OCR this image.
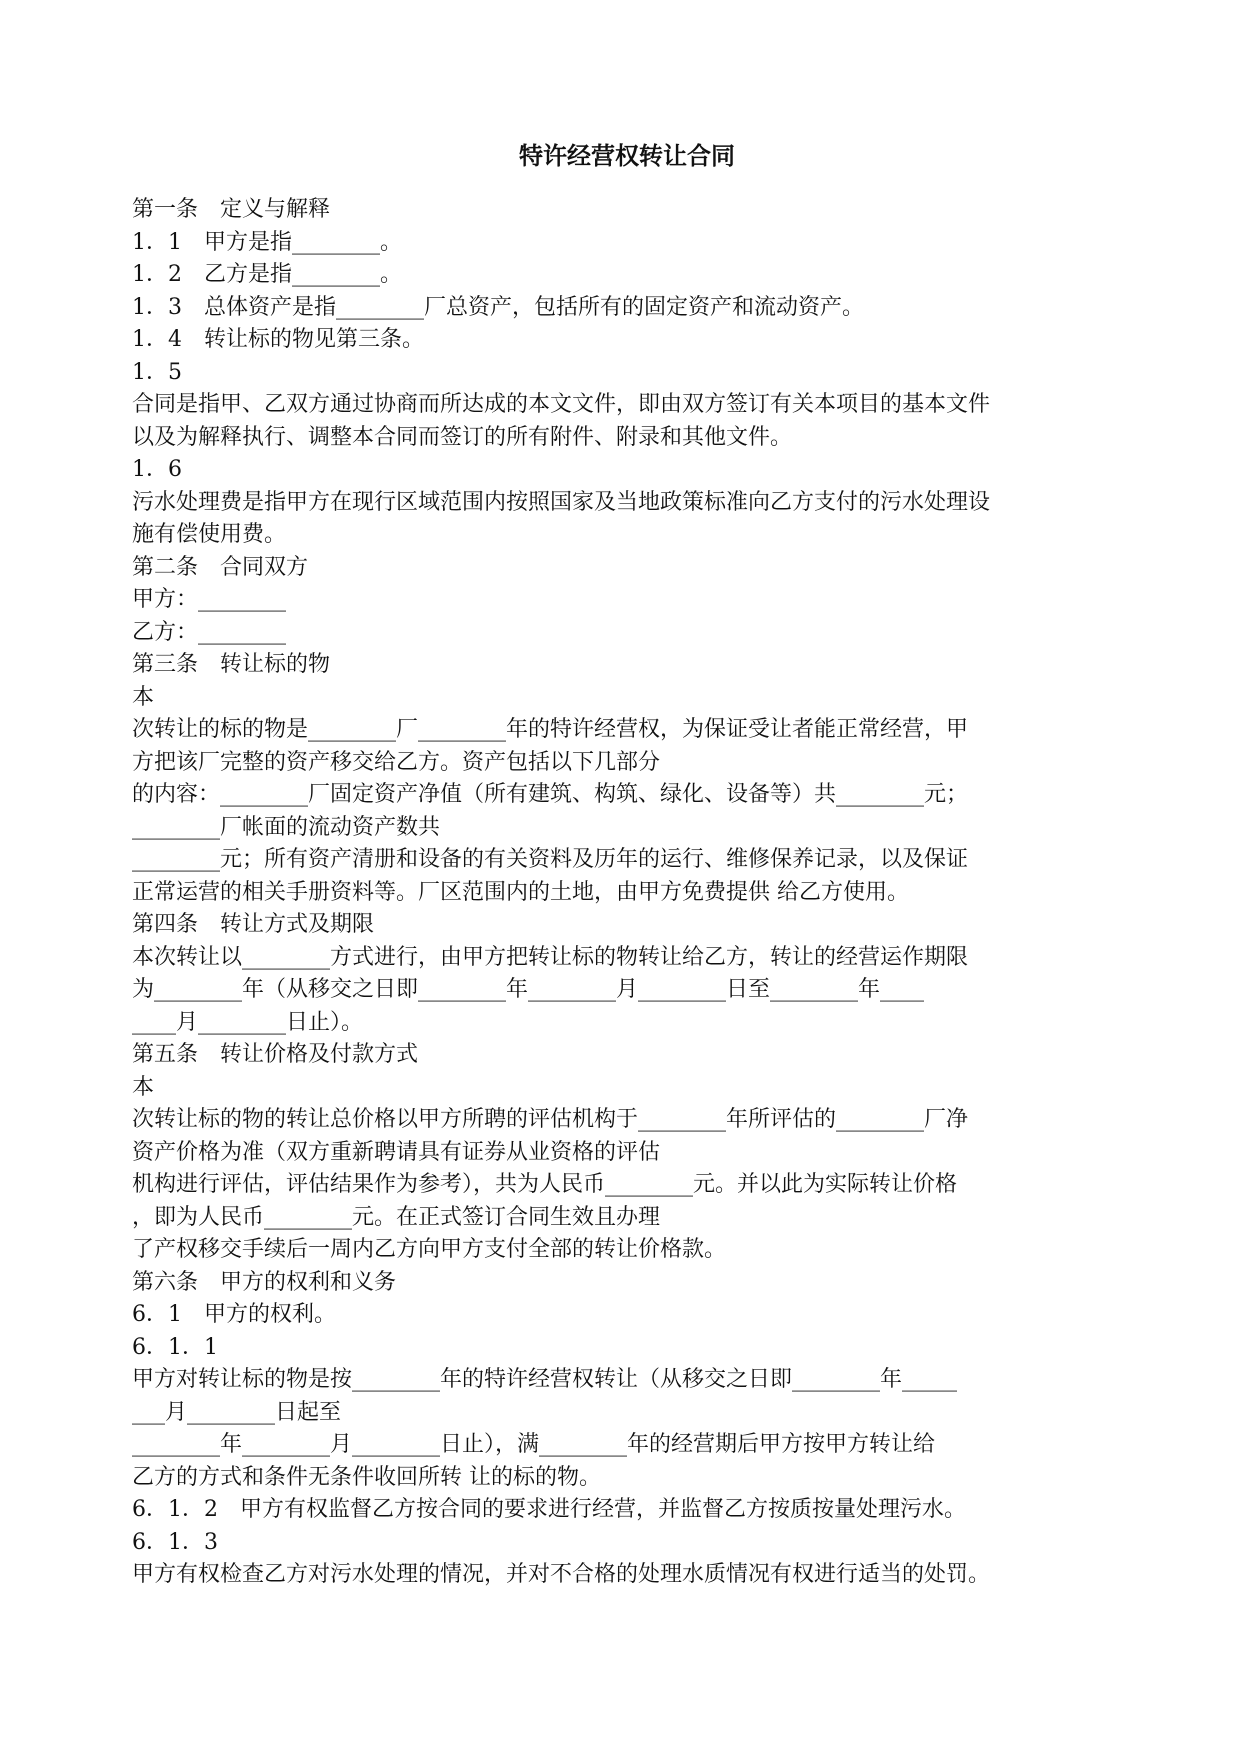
特许经营权转让合同

第一条　定义与解释

1．1　甲方是指________。

1．2　乙方是指________。

1．3　总体资产是指________厂总资产，包括所有的固定资产和流动资产。

1．4　转让标的物见第三条。

1．5

合同是指甲、乙双方通过协商而所达成的本文文件，即由双方签订有关本项目的基本文件

以及为解释执行、调整本合同而签订的所有附件、附录和其他文件。

1．6

污水处理费是指甲方在现行区域范围内按照国家及当地政策标准向乙方支付的污水处理设

施有偿使用费。

第二条　合同双方

甲方：________

乙方：________

第三条　转让标的物

本

次转让的标的物是________厂________年的特许经营权，为保证受让者能正常经营，甲

方把该厂完整的资产移交给乙方。资产包括以下几部分

的内容：________厂固定资产净值（所有建筑、构筑、绿化、设备等）共________元；

________厂帐面的流动资产数共

________元；所有资产清册和设备的有关资料及历年的运行、维修保养记录，以及保证

正常运营的相关手册资料等。厂区范围内的土地，由甲方免费提供 给乙方使用。

第四条　转让方式及期限

本次转让以________方式进行，由甲方把转让标的物转让给乙方，转让的经营运作期限

为________年（从移交之日即________年________月________日至________年____

____月________日止）。

第五条　转让价格及付款方式

本

次转让标的物的转让总价格以甲方所聘的评估机构于________年所评估的________厂净

资产价格为准（双方重新聘请具有证券从业资格的评估

机构进行评估，评估结果作为参考），共为人民币________元。并以此为实际转让价格

，即为人民币________元。在正式签订合同生效且办理

了产权移交手续后一周内乙方向甲方支付全部的转让价格款。

第六条　甲方的权利和义务

6．1　甲方的权利。

6．1．1

甲方对转让标的物是按________年的特许经营权转让（从移交之日即________年_____

___月________日起至

________年________月________日止），满________年的经营期后甲方按甲方转让给

乙方的方式和条件无条件收回所转 让的标的物。

6．1．2　甲方有权监督乙方按合同的要求进行经营，并监督乙方按质按量处理污水。

6．1．3

甲方有权检查乙方对污水处理的情况，并对不合格的处理水质情况有权进行适当的处罚。
